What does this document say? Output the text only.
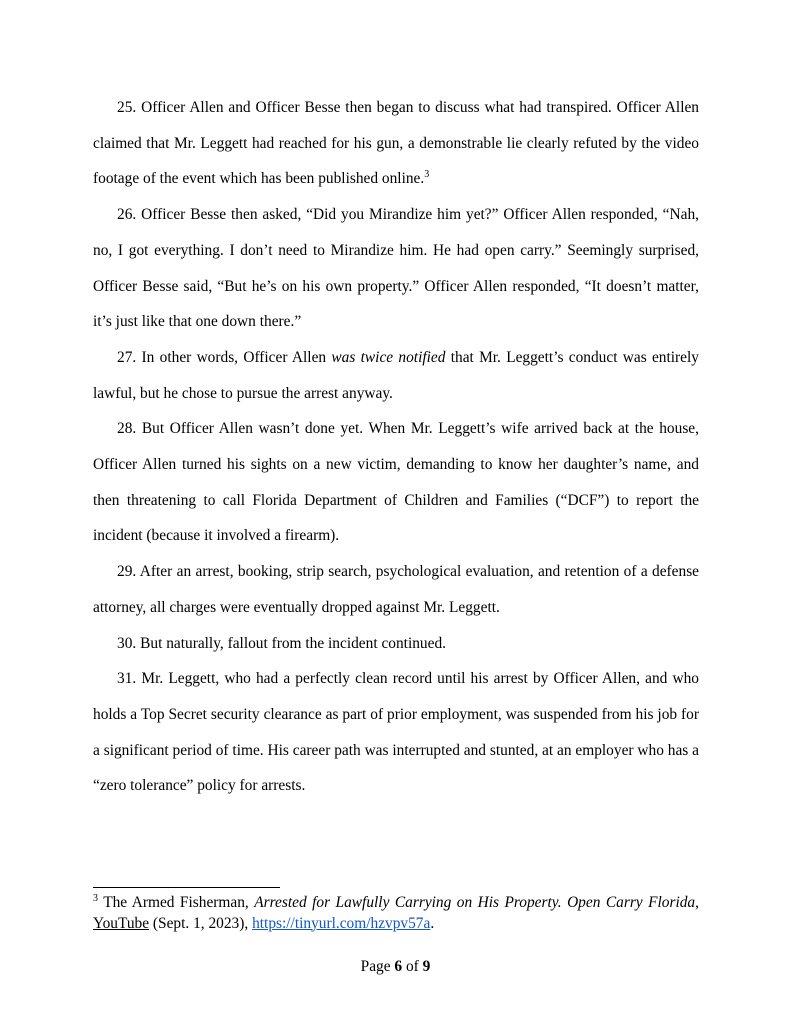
25. Officer Allen and Officer Besse then began to discuss what had transpired. Officer Allen claimed that Mr. Leggett had reached for his gun, a demonstrable lie clearly refuted by the video footage of the event which has been published online.$^3$

26. Officer Besse then asked, “Did you Mirandize him yet?” Officer Allen responded, “Nah, no, I got everything. I don’t need to Mirandize him. He had open carry.” Seemingly surprised, Officer Besse said, “But he’s on his own property.” Officer Allen responded, “It doesn’t matter, it’s just like that one down there.”

27. In other words, Officer Allen was twice notified that Mr. Leggett’s conduct was entirely lawful, but he chose to pursue the arrest anyway.

28. But Officer Allen wasn’t done yet. When Mr. Leggett’s wife arrived back at the house, Officer Allen turned his sights on a new victim, demanding to know her daughter’s name, and then threatening to call Florida Department of Children and Families (“DCF”) to report the incident (because it involved a firearm).

29. After an arrest, booking, strip search, psychological evaluation, and retention of a defense attorney, all charges were eventually dropped against Mr. Leggett.

30. But naturally, fallout from the incident continued.

31. Mr. Leggett, who had a perfectly clean record until his arrest by Officer Allen, and who holds a Top Secret security clearance as part of prior employment, was suspended from his job for a significant period of time. His career path was interrupted and stunted, at an employer who has a “zero tolerance” policy for arrests.

$^3$ The Armed Fisherman, Arrested for Lawfully Carrying on His Property. Open Carry Florida, YouTube (Sept. 1, 2023), https://tinyurl.com/hzvpv57a.
Page 6 of 9
